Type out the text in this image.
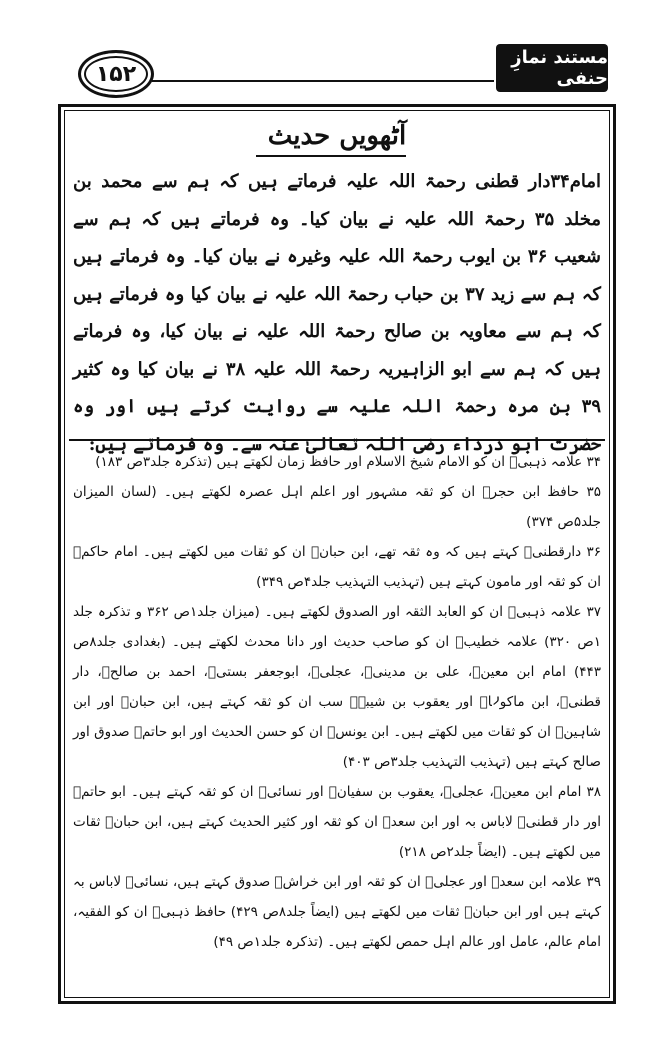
۱۵۲
مستند نمازِ حنفی
آٹھویں حدیث
امام۳۴دار قطنی رحمۃ اللہ علیہ فرماتے ہیں کہ ہم سے محمد بن مخلد ۳۵ رحمۃ اللہ علیہ نے بیان کیا۔ وہ فرماتے ہیں کہ ہم سے شعیب ۳۶ بن ایوب رحمۃ اللہ علیہ وغیرہ نے بیان کیا۔ وہ فرماتے ہیں کہ ہم سے زید ۳۷ بن حباب رحمۃ اللہ علیہ نے بیان کیا وہ فرماتے ہیں کہ ہم سے معاویہ بن صالح رحمۃ اللہ علیہ نے بیان کیا، وہ فرماتے ہیں کہ ہم سے ابو الزاہیریہ رحمۃ اللہ علیہ ۳۸ نے بیان کیا وہ کثیر ۳۹ بن مرہ رحمۃ اللہ علیہ سے روایت کرتے ہیں اور وہ حضرت ابو درداء رضی اللہ تعالیٰ عنہ سے۔ وہ فرماتے ہیں:

۳۴ علامہ ذہبیؒ ان کو الامام شیخ الاسلام اور حافظ زمان لکھتے ہیں (تذکرہ جلد۳ص ۱۸۳)

۳۵ حافظ ابن حجرؒ ان کو ثقہ مشہور اور اعلم اہل عصرہ لکھتے ہیں۔ (لسان المیزان جلد۵ص ۳۷۴)

۳۶ دارقطنیؒ کہتے ہیں کہ وہ ثقہ تھے، ابن حبانؒ ان کو ثقات میں لکھتے ہیں۔ امام حاکمؒ ان کو ثقہ اور مامون کہتے ہیں (تہذیب التہذیب جلد۴ص ۳۴۹)

۳۷ علامہ ذہبیؒ ان کو العابد الثقہ اور الصدوق لکھتے ہیں۔ (میزان جلد۱ص ۳۶۲ و تذکرہ جلد ۱ص ۳۲۰) علامہ خطیبؒ ان کو صاحب حدیث اور دانا محدث لکھتے ہیں۔ (بغدادی جلد۸ص ۴۴۳) امام ابن معینؒ، علی بن مدینیؒ، عجلیؒ، ابوجعفر بستیؒ، احمد بن صالحؒ، دار قطنیؒ، ابن ماکولاؒ اور یعقوب بن شیبہؒ سب ان کو ثقہ کہتے ہیں، ابن حبانؒ اور ابن شاہینؒ ان کو ثقات میں لکھتے ہیں۔ ابن یونسؒ ان کو حسن الحدیث اور ابو حاتمؒ صدوق اور صالح کہتے ہیں (تہذیب التہذیب جلد۳ص ۴۰۳)

۳۸ امام ابن معینؒ، عجلیؒ، یعقوب بن سفیانؒ اور نسائیؒ ان کو ثقہ کہتے ہیں۔ ابو حاتمؒ اور دار قطنیؒ لاباس بہ اور ابن سعدؒ ان کو ثقہ اور کثیر الحدیث کہتے ہیں، ابن حبانؒ ثقات میں لکھتے ہیں۔ (ایضاً جلد۲ص ۲۱۸)

۳۹ علامہ ابن سعدؒ اور عجلیؒ ان کو ثقہ اور ابن خراشؒ صدوق کہتے ہیں، نسائیؒ لاباس بہ کہتے ہیں اور ابن حبانؒ ثقات میں لکھتے ہیں (ایضاً جلد۸ص ۴۲۹) حافظ ذہبیؒ ان کو الفقیہ، امام عالم، عامل اور عالم اہل حمص لکھتے ہیں۔ (تذکرہ جلد۱ص ۴۹)
